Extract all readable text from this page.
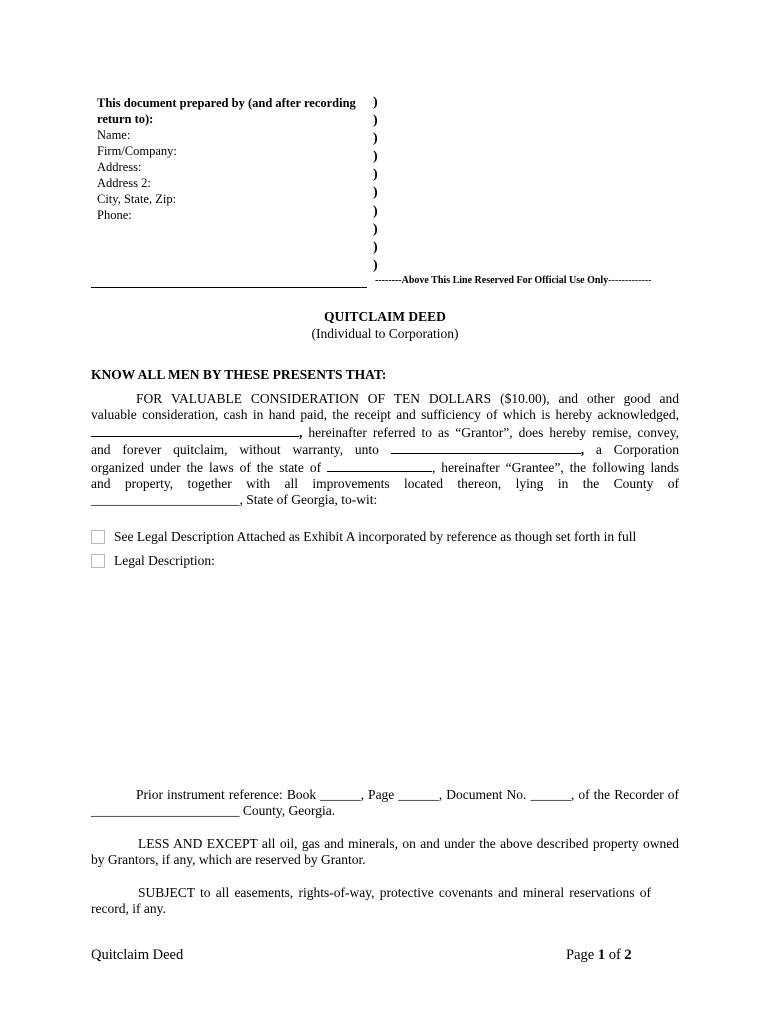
This document prepared by (and after recording return to):
Name:
Firm/Company:
Address:
Address 2:
City, State, Zip:
Phone:
)
)
)
)
)
)
)
)
)
)
--------Above This Line Reserved For Official Use Only-------------
QUITCLAIM DEED
(Individual to Corporation)
KNOW ALL MEN BY THESE PRESENTS THAT:
FOR VALUABLE CONSIDERATION OF TEN DOLLARS ($10.00), and other good and
valuable consideration, cash in hand paid, the receipt and sufficiency of which is hereby acknowledged,
, hereinafter referred to as “Grantor”, does hereby remise, convey,
and forever quitclaim, without warranty, unto	, a Corporation
organized under the laws of the state of	, hereinafter “Grantee”, the following lands
and property, together with all improvements located thereon, lying in the County of
______________________, State of Georgia, to-wit:
See Legal Description Attached as Exhibit A incorporated by reference as though set forth in full
Legal Description:
Prior instrument reference: Book ______, Page ______, Document No. ______, of the Recorder of
______________________ County, Georgia.
LESS AND EXCEPT all oil, gas and minerals, on and under the above described property owned
by Grantors, if any, which are reserved by Grantor.
SUBJECT to all easements, rights-of-way, protective covenants and mineral reservations of
record, if any.
Quitclaim Deed	Page 1 of 2
